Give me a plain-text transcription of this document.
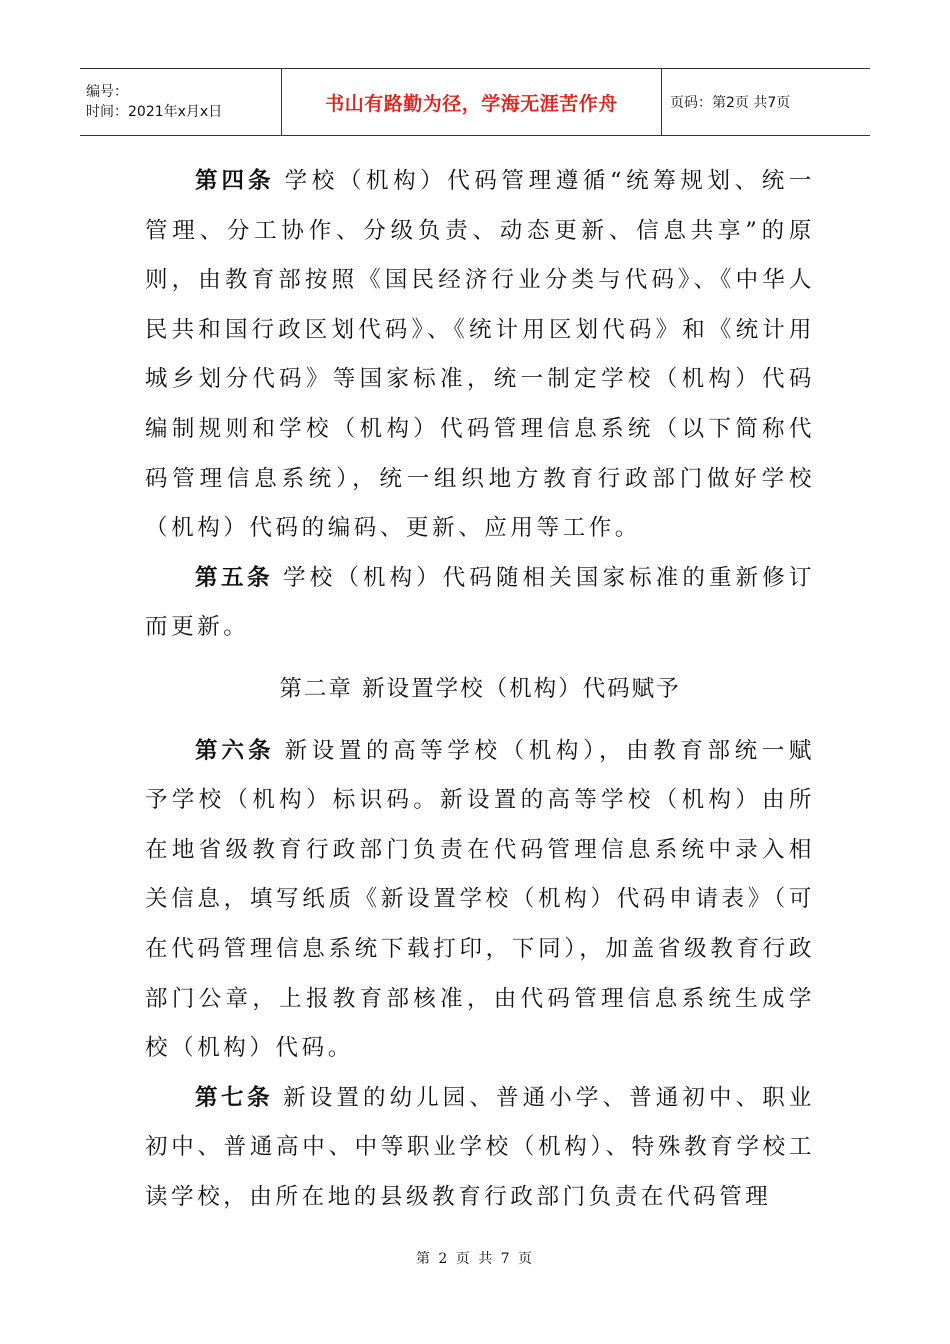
编号：
时间：2021年x月x日	书山有路勤为径，学海无涯苦作舟	页码：第2页 共7页

第四条 学校（机构）代码管理遵循“统筹规划、统一管理、分工协作、分级负责、动态更新、信息共享”的原则，由教育部按照《国民经济行业分类与代码》、《中华人民共和国行政区划代码》、《统计用区划代码》和《统计用城乡划分代码》等国家标准，统一制定学校（机构）代码编制规则和学校（机构）代码管理信息系统（以下简称代码管理信息系统），统一组织地方教育行政部门做好学校（机构）代码的编码、更新、应用等工作。

第五条 学校（机构）代码随相关国家标准的重新修订而更新。

第二章 新设置学校（机构）代码赋予

第六条 新设置的高等学校（机构），由教育部统一赋予学校（机构）标识码。新设置的高等学校（机构）由所在地省级教育行政部门负责在代码管理信息系统中录入相关信息，填写纸质《新设置学校（机构）代码申请表》（可在代码管理信息系统下载打印，下同），加盖省级教育行政部门公章，上报教育部核准，由代码管理信息系统生成学校（机构）代码。

第七条 新设置的幼儿园、普通小学、普通初中、职业初中、普通高中、中等职业学校（机构）、特殊教育学校工读学校，由所在地的县级教育行政部门负责在代码管理

第 2 页 共 7 页
